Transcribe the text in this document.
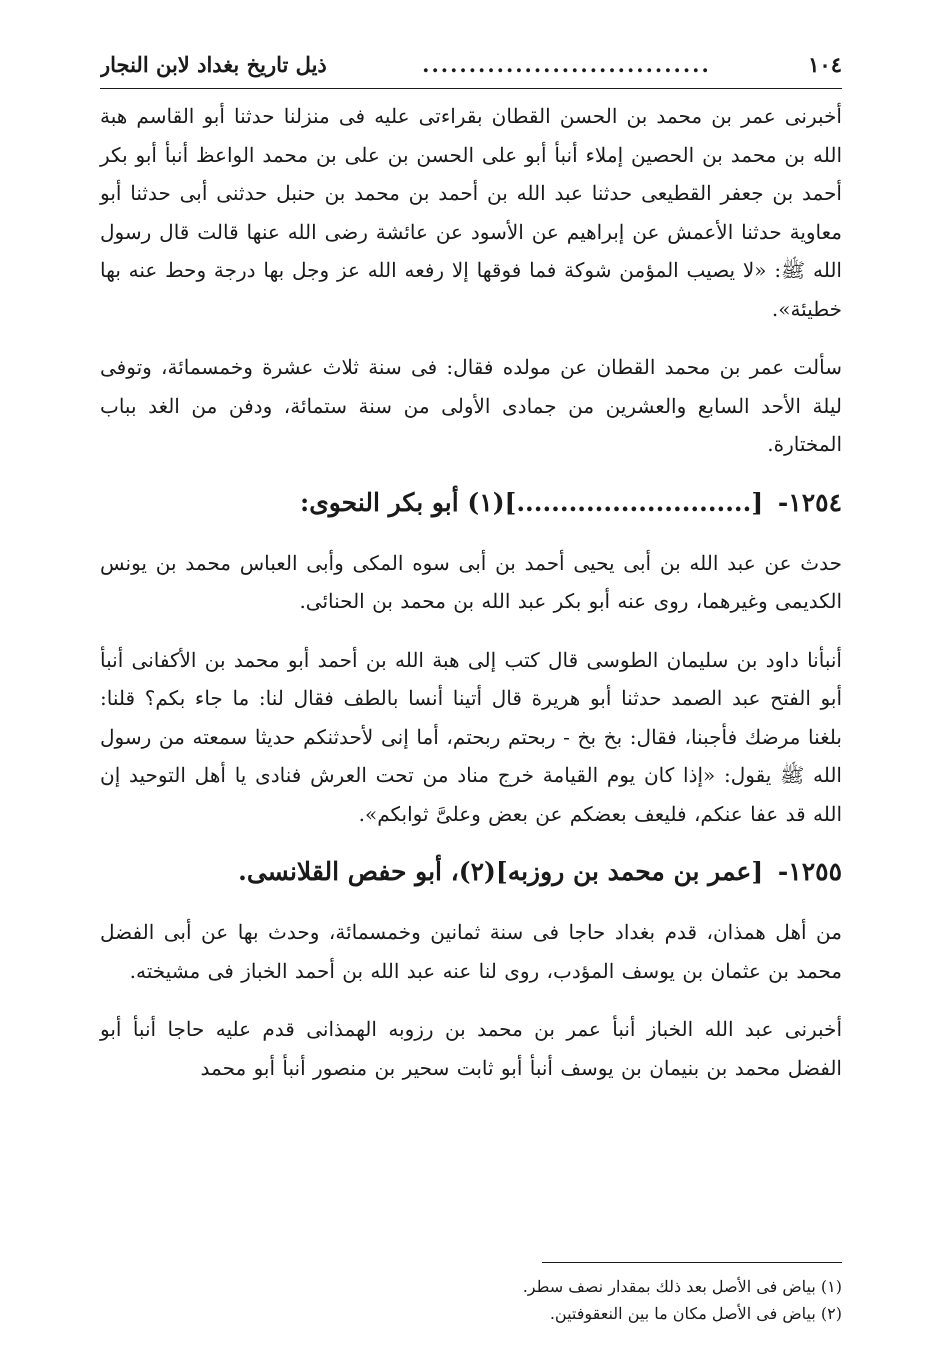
١٠٤
...............................
ذيل تاريخ بغداد لابن النجار

أخبرنى عمر بن محمد بن الحسن القطان بقراءتى عليه فى منزلنا حدثنا أبو القاسم هبة الله بن محمد بن الحصين إملاء أنبأ أبو على الحسن بن على بن محمد الواعظ أنبأ أبو بكر أحمد بن جعفر القطيعى حدثنا عبد الله بن أحمد بن محمد بن حنبل حدثنى أبى حدثنا أبو معاوية حدثنا الأعمش عن إبراهيم عن الأسود عن عائشة رضى الله عنها قالت قال رسول الله ﷺ: «لا يصيب المؤمن شوكة فما فوقها إلا رفعه الله عز وجل بها درجة وحط عنه بها خطيئة».

سألت عمر بن محمد القطان عن مولده فقال: فى سنة ثلاث عشرة وخمسمائة، وتوفى ليلة الأحد السابع والعشرين من جمادى الأولى من سنة ستمائة، ودفن من الغد بباب المختارة.

١٢٥٤- [...........................](١) أبو بكر النحوى:

حدث عن عبد الله بن أبى يحيى أحمد بن أبى سوه المكى وأبى العباس محمد بن يونس الكديمى وغيرهما، روى عنه أبو بكر عبد الله بن محمد بن الحنائى.

أنبأنا داود بن سليمان الطوسى قال كتب إلى هبة الله بن أحمد أبو محمد بن الأكفانى أنبأ أبو الفتح عبد الصمد حدثنا أبو هريرة قال أتينا أنسا بالطف فقال لنا: ما جاء بكم؟ قلنا: بلغنا مرضك فأجبنا، فقال: بخ بخ - ربحتم ربحتم، أما إنى لأحدثنكم حديثا سمعته من رسول الله ﷺ يقول: «إذا كان يوم القيامة خرج مناد من تحت العرش فنادى يا أهل التوحيد إن الله قد عفا عنكم، فليعف بعضكم عن بعض وعلىَّ ثوابكم».

١٢٥٥- [عمر بن محمد بن روزبه](٢)، أبو حفص القلانسى.

من أهل همذان، قدم بغداد حاجا فى سنة ثمانين وخمسمائة، وحدث بها عن أبى الفضل محمد بن عثمان بن يوسف المؤدب، روى لنا عنه عبد الله بن أحمد الخباز فى مشيخته.

أخبرنى عبد الله الخباز أنبأ عمر بن محمد بن رزوبه الهمذانى قدم عليه حاجا أنبأ أبو الفضل محمد بن بنيمان بن يوسف أنبأ أبو ثابت سحير بن منصور أنبأ أبو محمد

(١) بياض فى الأصل بعد ذلك بمقدار نصف سطر.
(٢) بياض فى الأصل مكان ما بين النعقوفتين.
